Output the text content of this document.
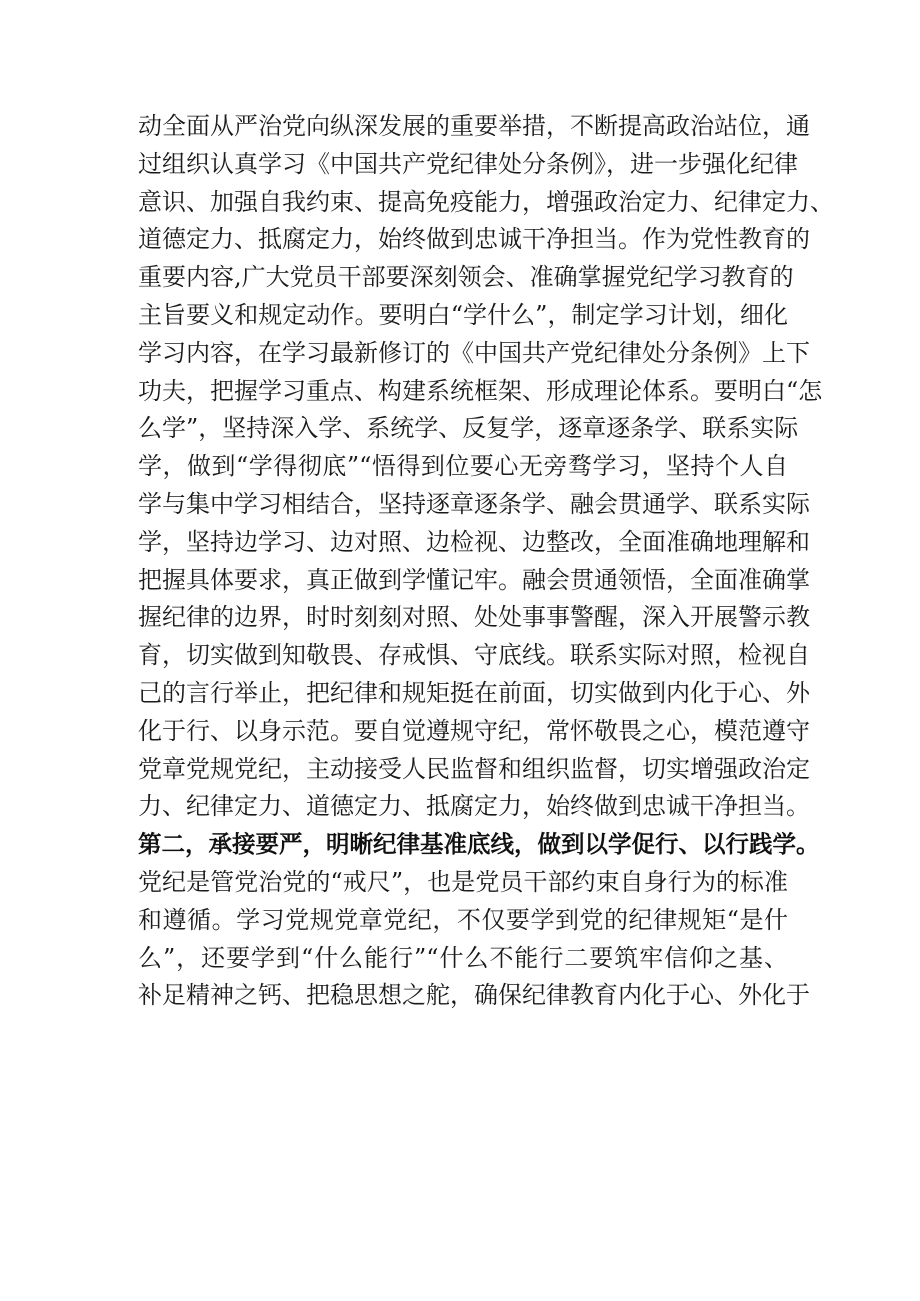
动全面从严治党向纵深发展的重要举措，不断提高政治站位，通
过组织认真学习《中国共产党纪律处分条例》，进一步强化纪律
意识、加强自我约束、提高免疫能力，增强政治定力、纪律定力、
道德定力、抵腐定力，始终做到忠诚干净担当。作为党性教育的
重要内容,广大党员干部要深刻领会、准确掌握党纪学习教育的
主旨要义和规定动作。要明白“学什么”，制定学习计划，细化
学习内容，在学习最新修订的《中国共产党纪律处分条例》上下
功夫，把握学习重点、构建系统框架、形成理论体系。要明白“怎
么学”，坚持深入学、系统学、反复学，逐章逐条学、联系实际
学，做到“学得彻底”“悟得到位要心无旁骛学习，坚持个人自
学与集中学习相结合，坚持逐章逐条学、融会贯通学、联系实际
学，坚持边学习、边对照、边检视、边整改，全面准确地理解和
把握具体要求，真正做到学懂记牢。融会贯通领悟，全面准确掌
握纪律的边界，时时刻刻对照、处处事事警醒，深入开展警示教
育，切实做到知敬畏、存戒惧、守底线。联系实际对照，检视自
己的言行举止，把纪律和规矩挺在前面，切实做到内化于心、外
化于行、以身示范。要自觉遵规守纪，常怀敬畏之心，模范遵守
党章党规党纪，主动接受人民监督和组织监督，切实增强政治定
力、纪律定力、道德定力、抵腐定力，始终做到忠诚干净担当。
第二，承接要严，明晰纪律基准底线，做到以学促行、以行践学。
党纪是管党治党的“戒尺”，也是党员干部约束自身行为的标准
和遵循。学习党规党章党纪，不仅要学到党的纪律规矩“是什
么”，还要学到“什么能行”“什么不能行二要筑牢信仰之基、
补足精神之钙、把稳思想之舵，确保纪律教育内化于心、外化于
